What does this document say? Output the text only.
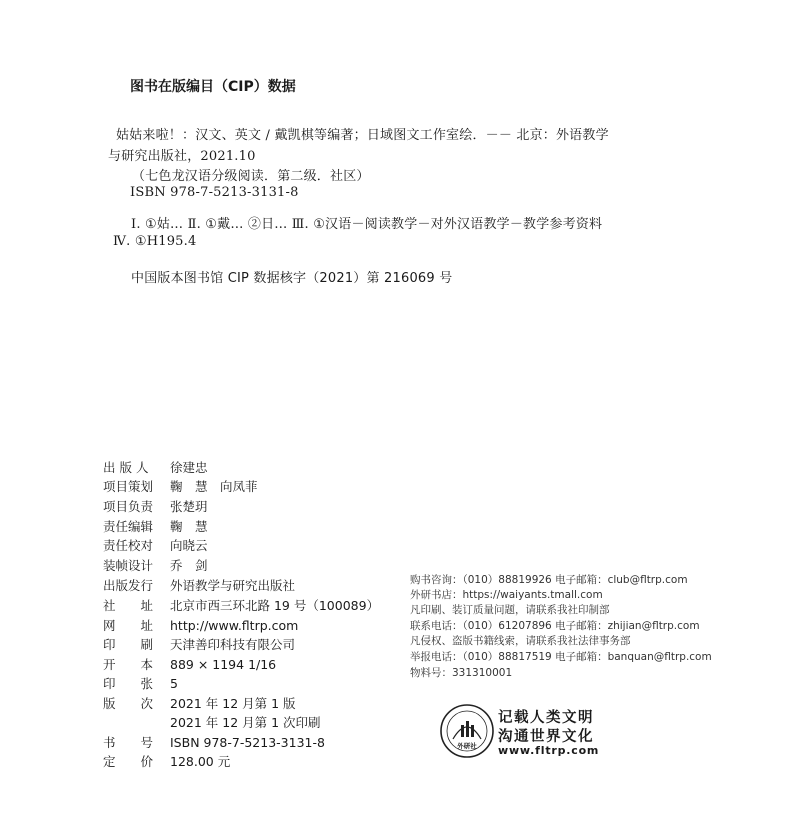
图书在版编目（CIP）数据
姑姑来啦！：汉文、英文 / 戴凯棋等编著；日域图文工作室绘．－－ 北京：外语教学
与研究出版社，2021.10
（七色龙汉语分级阅读．第二级．社区）
ISBN 978-7-5213-3131-8
Ⅰ. ①姑… Ⅱ. ①戴… ②日… Ⅲ. ①汉语－阅读教学－对外汉语教学－教学参考资料
Ⅳ. ①H195.4
中国版本图书馆 CIP 数据核字（2021）第 216069 号
出 版 人 徐建忠
项目策划 鞠　慧　向凤菲
项目负责 张楚玥
责任编辑 鞠　慧
责任校对 向晓云
装帧设计 乔　剑
出版发行 外语教学与研究出版社
社　　址 北京市西三环北路 19 号（100089）
网　　址 http://www.fltrp.com
印　　刷 天津善印科技有限公司
开　　本 889 × 1194 1/16
印　　张 5
版　　次 2021 年 12 月第 1 版
2021 年 12 月第 1 次印刷
书　　号 ISBN 978-7-5213-3131-8
定　　价 128.00 元
购书咨询：（010）88819926 电子邮箱：club@fltrp.com
外研书店：https://waiyants.tmall.com
凡印刷、装订质量问题，请联系我社印制部
联系电话：（010）61207896 电子邮箱：zhijian@fltrp.com
凡侵权、盗版书籍线索，请联系我社法律事务部
举报电话：（010）88817519 电子邮箱：banquan@fltrp.com
物料号：331310001
外研社
记载人类文明
沟通世界文化
www.fltrp.com
